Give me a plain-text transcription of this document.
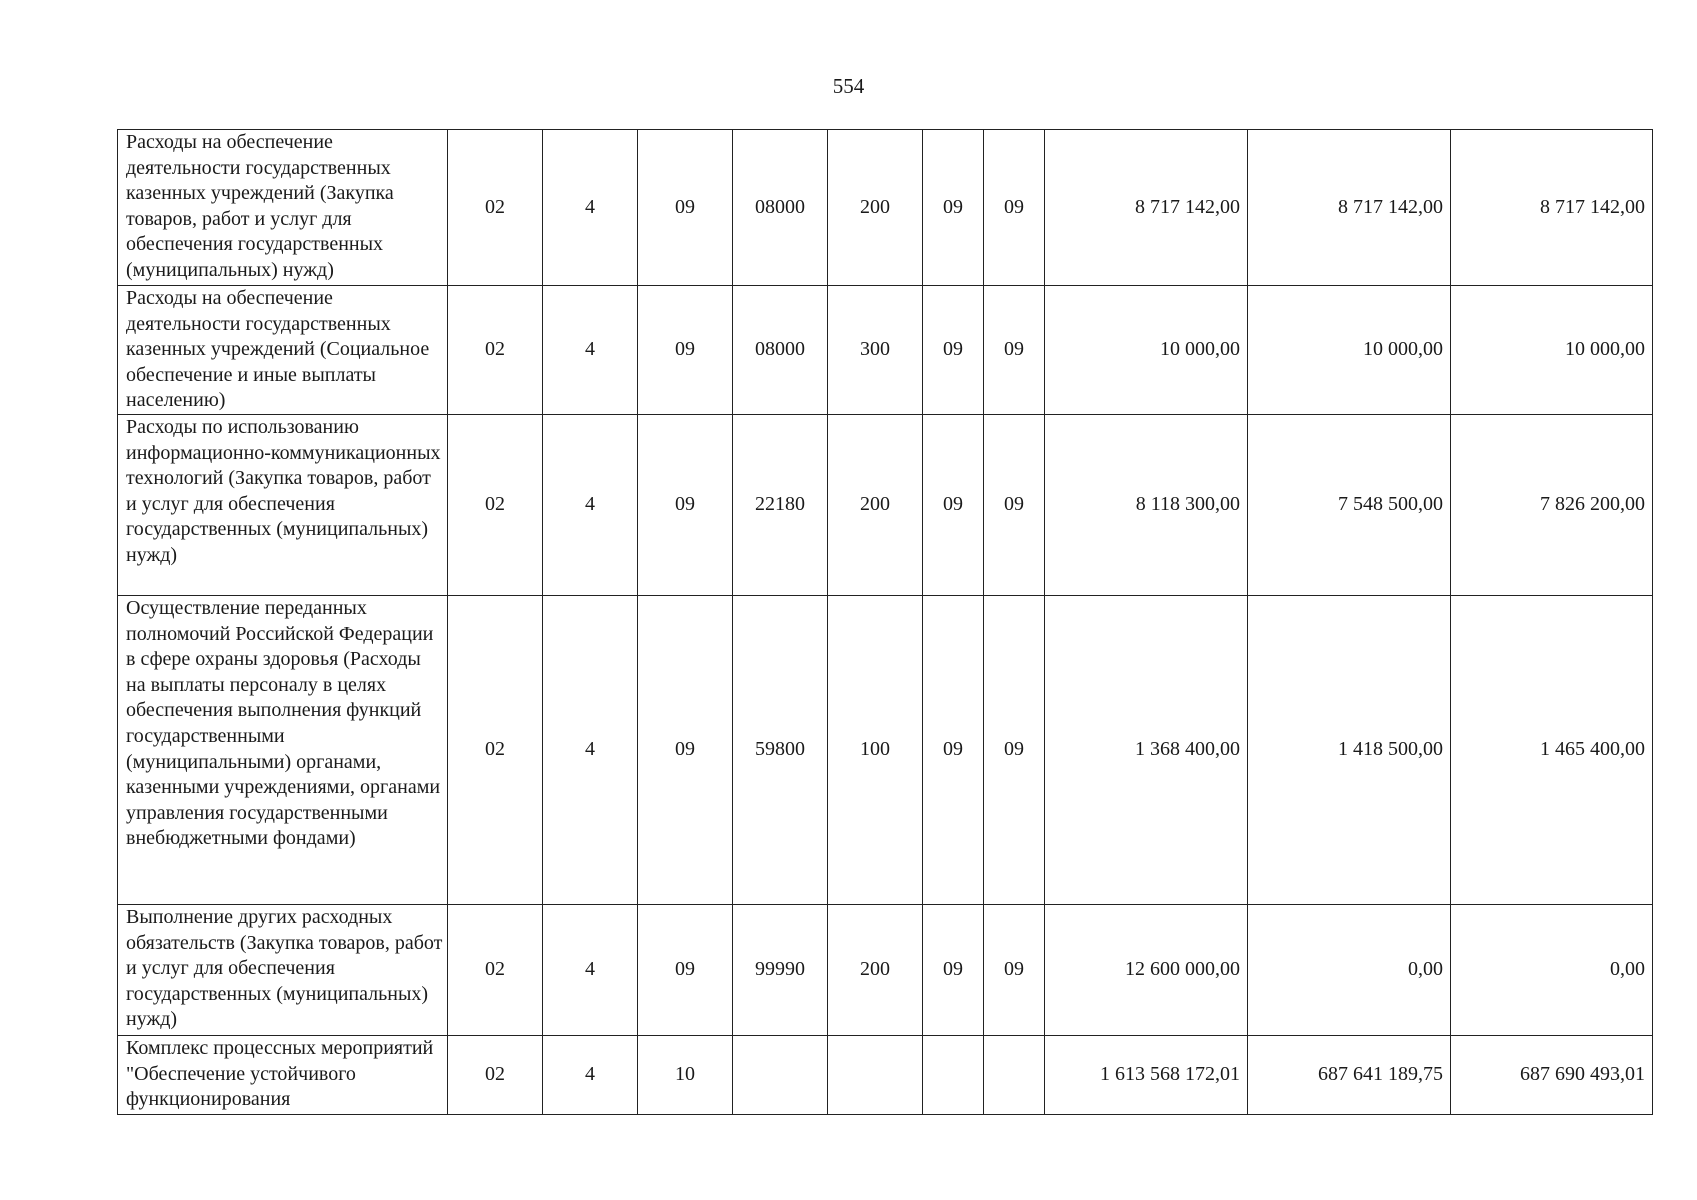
554
Расходы на обеспечение деятельности государственных казенных учреждений (Закупка товаров, работ и услуг для обеспечения государственных (муниципальных) нужд)	02	4	09	08000	200	09	09	8 717 142,00	8 717 142,00	8 717 142,00
Расходы на обеспечение деятельности государственных казенных учреждений (Социальное обеспечение и иные выплаты населению)	02	4	09	08000	300	09	09	10 000,00	10 000,00	10 000,00
Расходы по использованию информационно-коммуникационных технологий (Закупка товаров, работ и услуг для обеспечения государственных (муниципальных) нужд)	02	4	09	22180	200	09	09	8 118 300,00	7 548 500,00	7 826 200,00
Осуществление переданных полномочий Российской Федерации в сфере охраны здоровья (Расходы на выплаты персоналу в целях обеспечения выполнения функций государственными (муниципальными) органами, казенными учреждениями, органами управления государственными внебюджетными фондами)	02	4	09	59800	100	09	09	1 368 400,00	1 418 500,00	1 465 400,00
Выполнение других расходных обязательств (Закупка товаров, работ и услуг для обеспечения государственных (муниципальных) нужд)	02	4	09	99990	200	09	09	12 600 000,00	0,00	0,00
Комплекс процессных мероприятий "Обеспечение устойчивого функционирования	02	4	10					1 613 568 172,01	687 641 189,75	687 690 493,01
